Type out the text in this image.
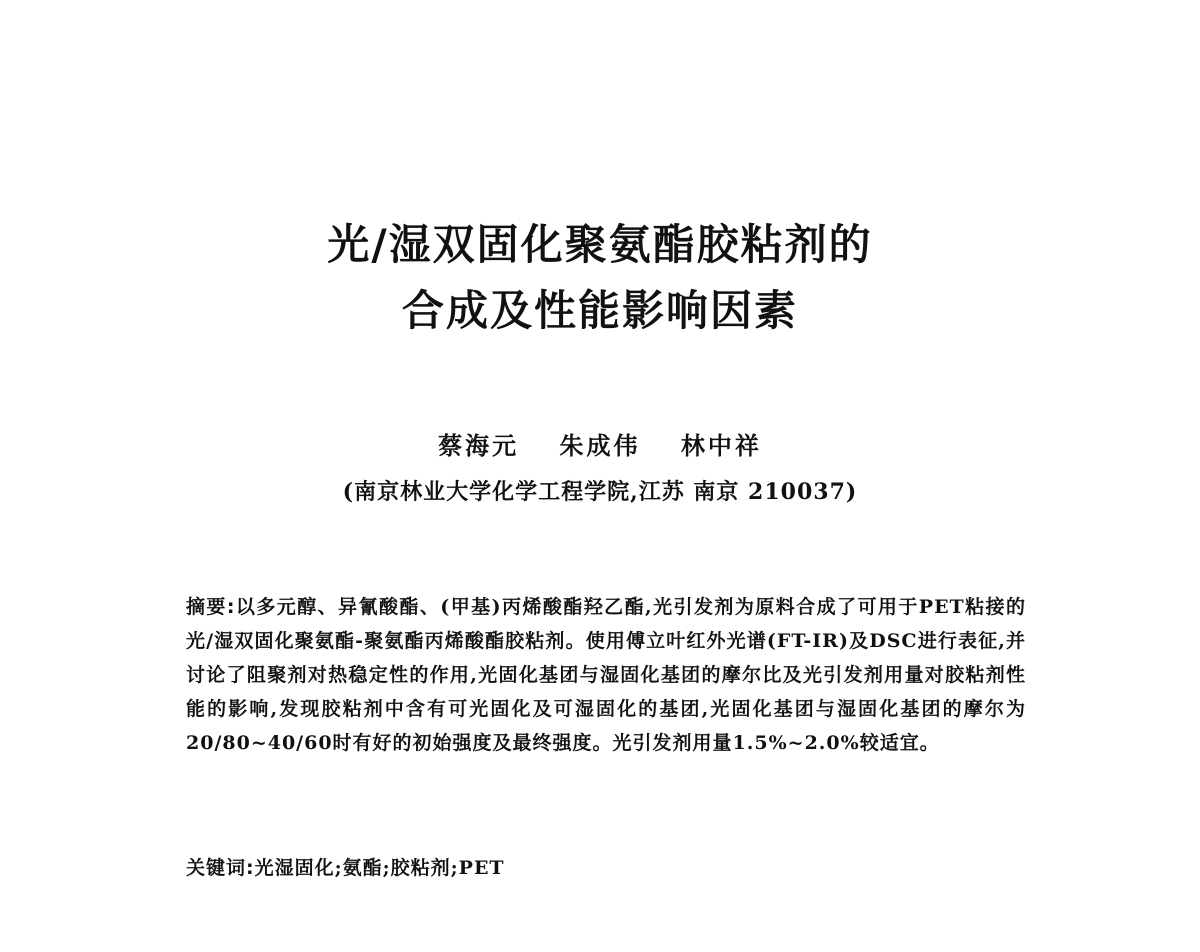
光/湿双固化聚氨酯胶粘剂的
合成及性能影响因素
蔡海元 朱成伟 林中祥
(南京林业大学化学工程学院,江苏 南京 210037)
摘要:以多元醇、异氰酸酯、(甲基)丙烯酸酯羟乙酯,光引发剂为原料合成了可用于PET粘接的光/湿双固化聚氨酯-聚氨酯丙烯酸酯胶粘剂。使用傅立叶红外光谱(FT-IR)及DSC进行表征,并讨论了阻聚剂对热稳定性的作用,光固化基团与湿固化基团的摩尔比及光引发剂用量对胶粘剂性能的影响,发现胶粘剂中含有可光固化及可湿固化的基团,光固化基团与湿固化基团的摩尔为20/80~40/60时有好的初始强度及最终强度。光引发剂用量1.5%~2.0%较适宜。
关键词:光湿固化;氨酯;胶粘剂;PET
